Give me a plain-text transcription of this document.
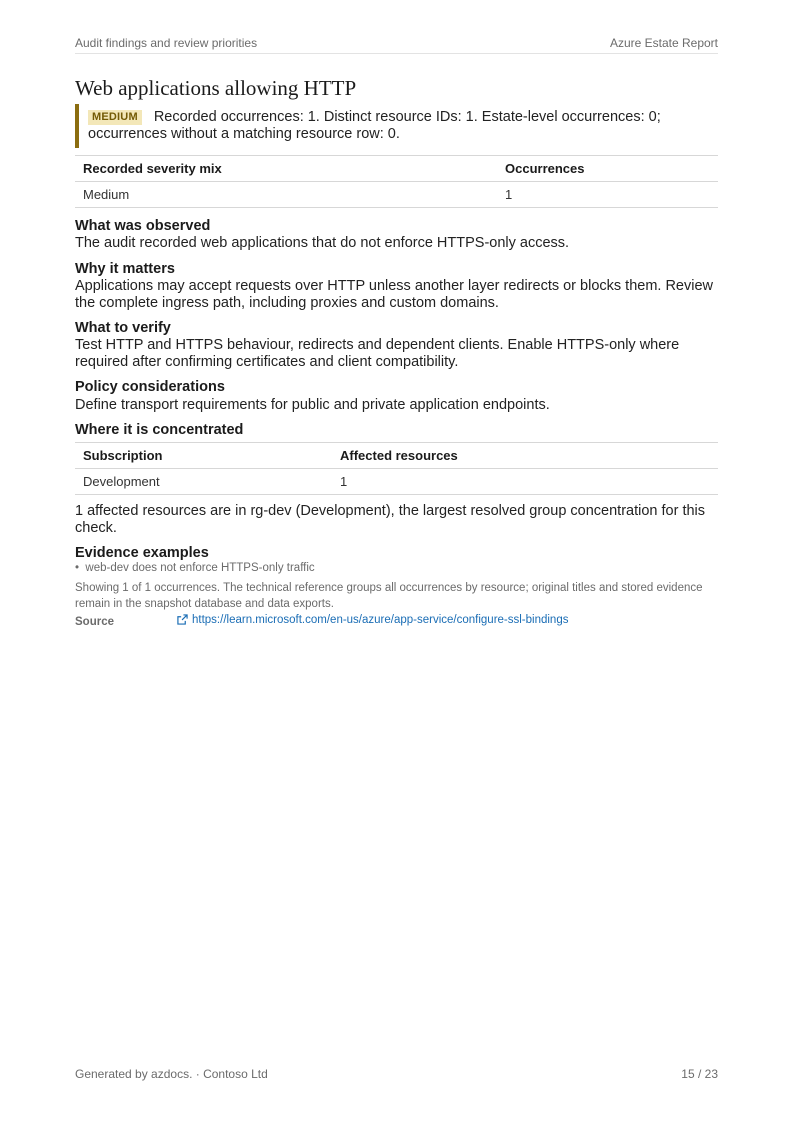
Audit findings and review priorities	Azure Estate Report
Web applications allowing HTTP
MEDIUM Recorded occurrences: 1. Distinct resource IDs: 1. Estate-level occurrences: 0; occurrences without a matching resource row: 0.
Recorded severity mix	Occurrences
Medium	1
What was observed
The audit recorded web applications that do not enforce HTTPS-only access.
Why it matters
Applications may accept requests over HTTP unless another layer redirects or blocks them. Review the complete ingress path, including proxies and custom domains.
What to verify
Test HTTP and HTTPS behaviour, redirects and dependent clients. Enable HTTPS-only where required after confirming certificates and client compatibility.
Policy considerations
Define transport requirements for public and private application endpoints.
Where it is concentrated
Subscription	Affected resources
Development	1
1 affected resources are in rg-dev (Development), the largest resolved group concentration for this check.
Evidence examples
•  web-dev does not enforce HTTPS-only traffic
Showing 1 of 1 occurrences. The technical reference groups all occurrences by resource; original titles and stored evidence remain in the snapshot database and data exports.
Source	https://learn.microsoft.com/en-us/azure/app-service/configure-ssl-bindings
Generated by azdocs. · Contoso Ltd	15 / 23
